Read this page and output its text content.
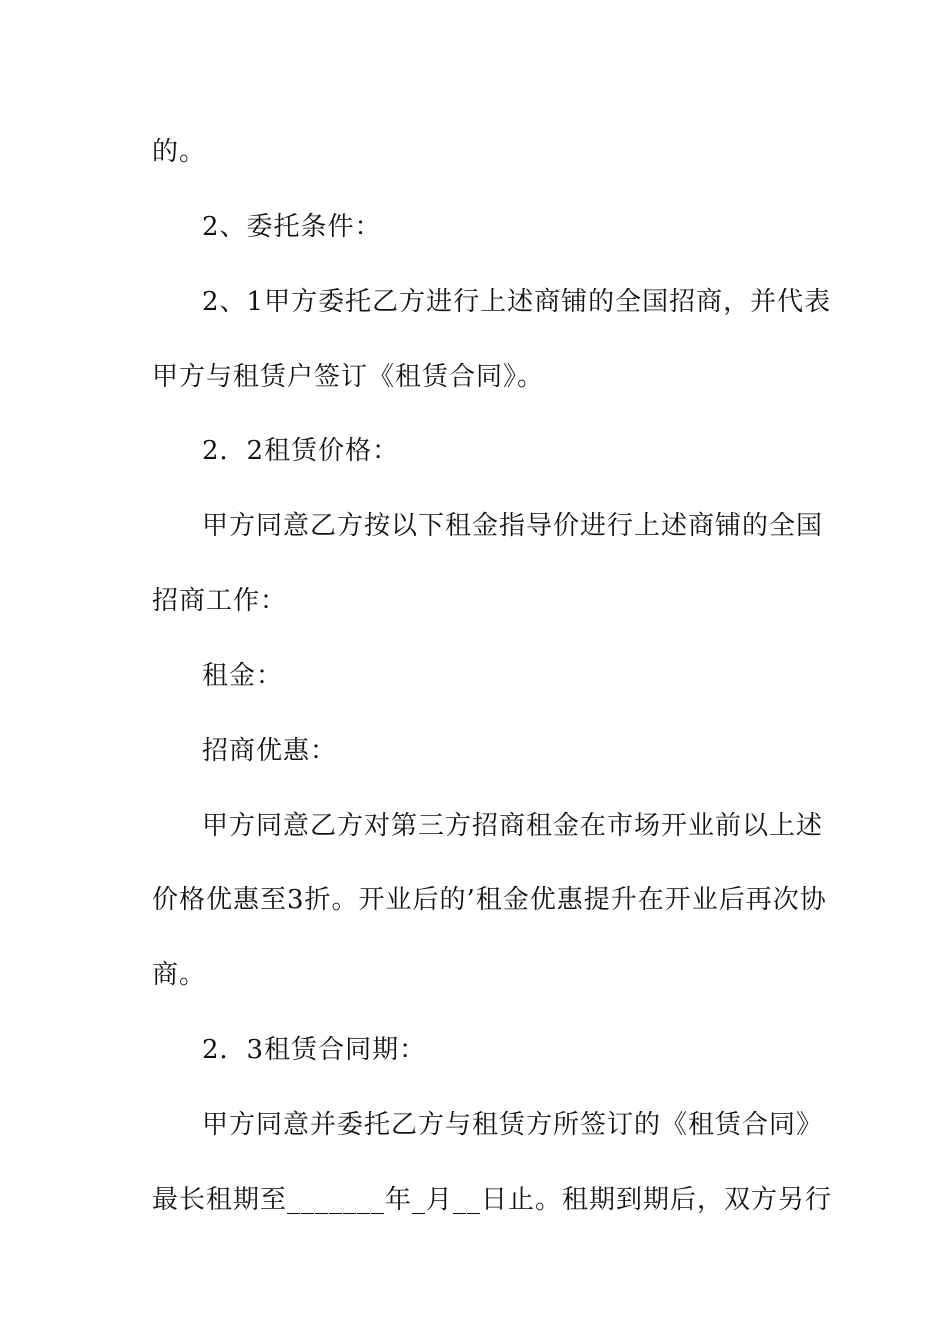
的。
2、委托条件：
2、1甲方委托乙方进行上述商铺的全国招商，并代表
甲方与租赁户签订《租赁合同》。
2．2租赁价格：
甲方同意乙方按以下租金指导价进行上述商铺的全国
招商工作：
租金：
招商优惠：
甲方同意乙方对第三方招商租金在市场开业前以上述
价格优惠至3折。开业后的’租金优惠提升在开业后再次协
商。
2．3租赁合同期：
甲方同意并委托乙方与租赁方所签订的《租赁合同》
最长租期至_______年_月__日止。租期到期后，双方另行
